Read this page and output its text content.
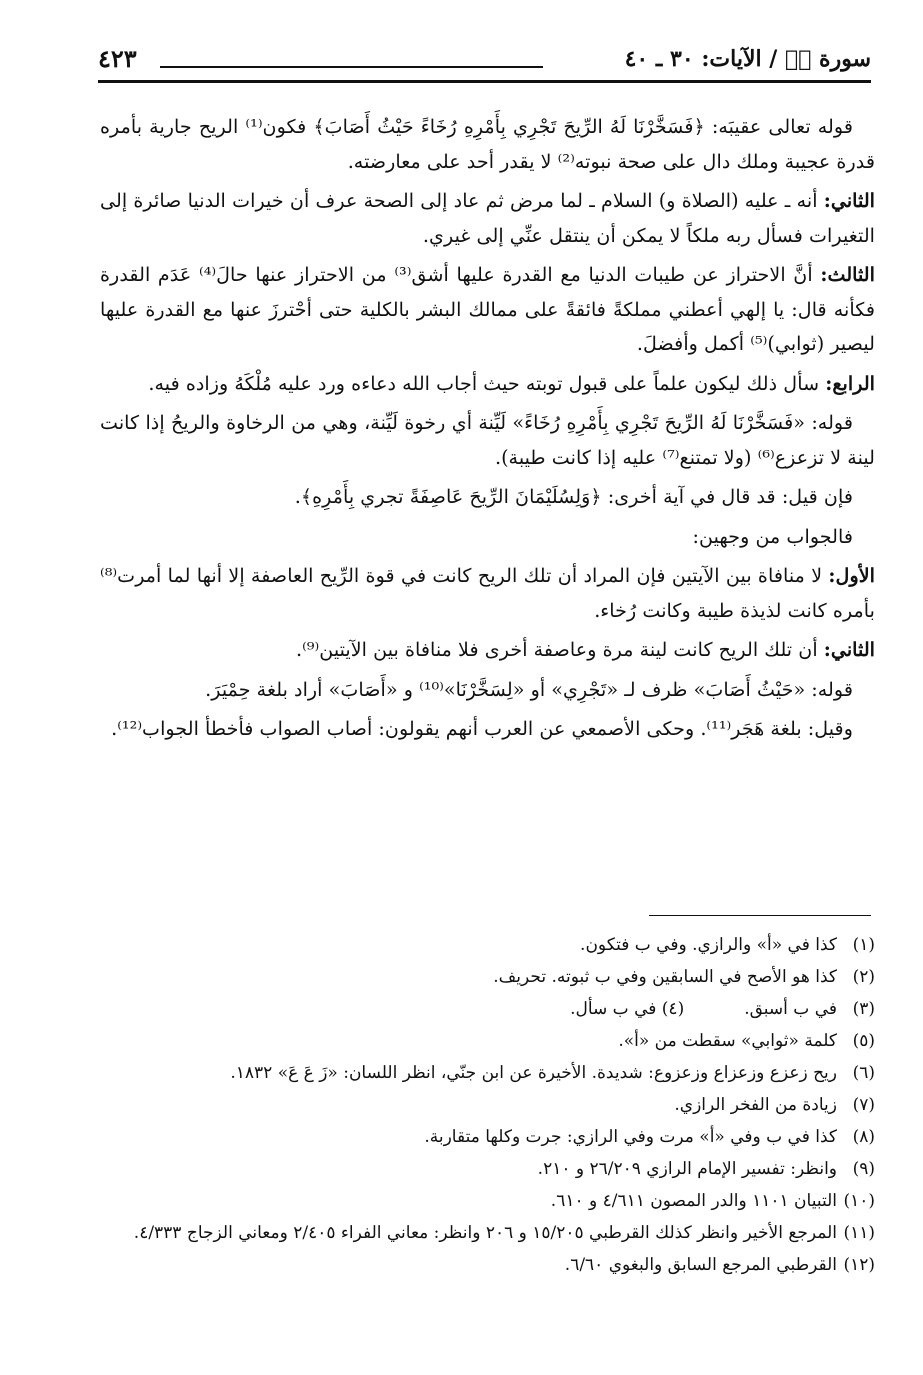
سورة صۤ / الآيات: ٣٠ ـ ٤٠
٤٢٣

قوله تعالى عقيبَه: ﴿فَسَخَّرْنَا لَهُ الرِّيحَ تَجْرِي بِأَمْرِهِ رُخَاءً حَيْثُ أَصَابَ﴾ فكون⁽¹⁾ الريح جارية بأمره قدرة عجيبة وملك دال على صحة نبوته⁽²⁾ لا يقدر أحد على معارضته.

الثاني: أنه ـ عليه (الصلاة و) السلام ـ لما مرض ثم عاد إلى الصحة عرف أن خيرات الدنيا صائرة إلى التغيرات فسأل ربه ملكاً لا يمكن أن ينتقل عنِّي إلى غيري.

الثالث: أنَّ الاحتراز عن طيبات الدنيا مع القدرة عليها أشق⁽³⁾ من الاحتراز عنها حالَ⁽⁴⁾ عَدَم القدرة فكأنه قال: يا إلهي أعطني مملكةً فائقةً على ممالك البشر بالكلية حتى أحْترزَ عنها مع القدرة عليها ليصير (ثوابي)⁽⁵⁾ أكمل وأفضلَ.

الرابع: سأل ذلك ليكون علماً على قبول توبته حيث أجاب الله دعاءه ورد عليه مُلْكَهُ وزاده فيه.

قوله: «فَسَخَّرْنَا لَهُ الرِّيحَ تَجْرِي بِأَمْرِهِ رُخَاءً» لَيِّنة أي رخوة لَيِّنة، وهي من الرخاوة والريحُ إذا كانت لينة لا تزعزع⁽⁶⁾ (ولا تمتنع⁽⁷⁾ عليه إذا كانت طيبة).

فإن قيل: قد قال في آية أخرى: ﴿وَلِسُلَيْمَانَ الرِّيحَ عَاصِفَةً تجري بِأَمْرِهِ﴾.

فالجواب من وجهين:

الأول: لا منافاة بين الآيتين فإن المراد أن تلك الريح كانت في قوة الرِّيح العاصفة إلا أنها لما أمرت⁽⁸⁾ بأمره كانت لذيذة طيبة وكانت رُخاء.

الثاني: أن تلك الريح كانت لينة مرة وعاصفة أخرى فلا منافاة بين الآيتين⁽⁹⁾.

قوله: «حَيْثُ أَصَابَ» ظرف لـ «تَجْرِي» أو «لِسَخَّرْنَا»⁽¹⁰⁾ و «أَصَابَ» أراد بلغة حِمْيَرَ.

وقيل: بلغة هَجَر⁽¹¹⁾. وحكى الأصمعي عن العرب أنهم يقولون: أصاب الصواب فأخطأ الجواب⁽¹²⁾.

(١)
كذا في «أ» والرازي. وفي ب فتكون.
(٢)
كذا هو الأصح في السابقين وفي ب ثبوته. تحريف.
(٣)
في ب أسبق.
(٤) في ب سأل.
(٥)
كلمة «ثوابي» سقطت من «أ».
(٦)
ريح زعزع وزعزاع وزعزوع: شديدة. الأخيرة عن ابن جنّي، انظر اللسان: «زَ عَ عَ» ١٨٣٢.
(٧)
زيادة من الفخر الرازي.
(٨)
كذا في ب وفي «أ» مرت وفي الرازي: جرت وكلها متقاربة.
(٩)
وانظر: تفسير الإمام الرازي ٢٦/٢٠٩ و ٢١٠.
(١٠)
التبيان ١١٠١ والدر المصون ٤/٦١١ و ٦١٠.
(١١)
المرجع الأخير وانظر كذلك القرطبي ١٥/٢٠٥ و ٢٠٦ وانظر: معاني الفراء ٢/٤٠٥ ومعاني الزجاج ٤/٣٣٣.
(١٢)
القرطبي المرجع السابق والبغوي ٦/٦٠.
